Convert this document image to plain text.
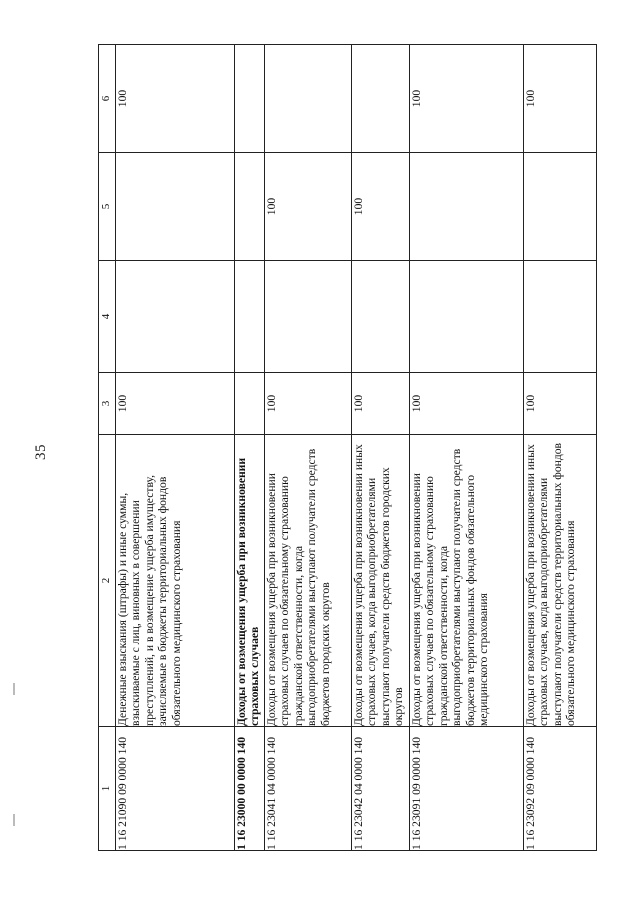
35
1	2	3	4	5	6
1 16 21090 09 0000 140	Денежные взыскания (штрафы) и иные суммы, взыскиваемые с лиц, виновных в совершении преступлений, и в возмещение ущерба имуществу, зачисляемые в бюджеты территориальных фондов обязательного медицинского страхования	100			100
1 16 23000 00 0000 140	Доходы от возмещения ущерба при возникновении страховых случаев				
1 16 23041 04 0000 140	Доходы от возмещения ущерба при возникновении страховых случаев по обязательному страхованию гражданской ответственности, когда выгодоприобретателями выступают получатели средств бюджетов городских округов	100		100	
1 16 23042 04 0000 140	Доходы от возмещения ущерба при возникновении иных страховых случаев, когда выгодоприобретателями выступают получатели средств бюджетов городских округов	100		100	
1 16 23091 09 0000 140	Доходы от возмещения ущерба при возникновении страховых случаев по обязательному страхованию гражданской ответственности, когда выгодоприобретателями выступают получатели средств бюджетов территориальных фондов обязательного медицинского страхования	100			100
1 16 23092 09 0000 140	Доходы от возмещения ущерба при возникновении иных страховых случаев, когда выгодоприобретателями выступают получатели средств территориальных фондов обязательного медицинского страхования	100			100
